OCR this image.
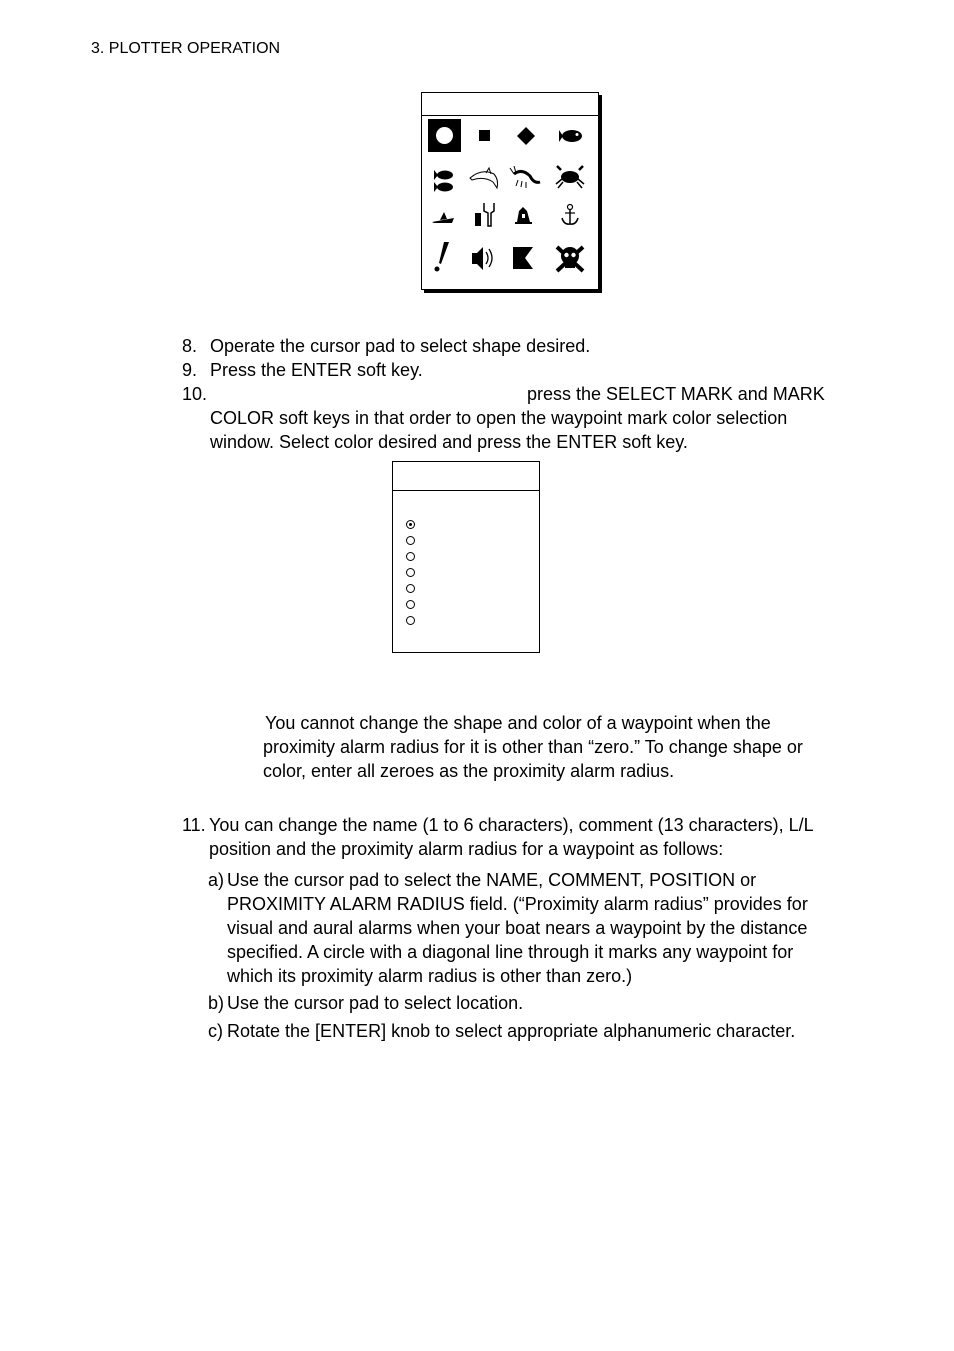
3. PLOTTER OPERATION
8. Operate the cursor pad to select shape desired.
9. Press the ENTER soft key.
10.	press the SELECT MARK and MARK
COLOR soft keys in that order to open the waypoint mark color selection
window. Select color desired and press the ENTER soft key.
You cannot change the shape and color of a waypoint when the
proximity alarm radius for it is other than “zero.” To change shape or
color, enter all zeroes as the proximity alarm radius.
11. You can change the name (1 to 6 characters), comment (13 characters), L/L
position and the proximity alarm radius for a waypoint as follows:
a) Use the cursor pad to select the NAME, COMMENT, POSITION or
PROXIMITY ALARM RADIUS field. (“Proximity alarm radius” provides for
visual and aural alarms when your boat nears a waypoint by the distance
specified. A circle with a diagonal line through it marks any waypoint for
which its proximity alarm radius is other than zero.)
b) Use the cursor pad to select location.
c) Rotate the [ENTER] knob to select appropriate alphanumeric character.
